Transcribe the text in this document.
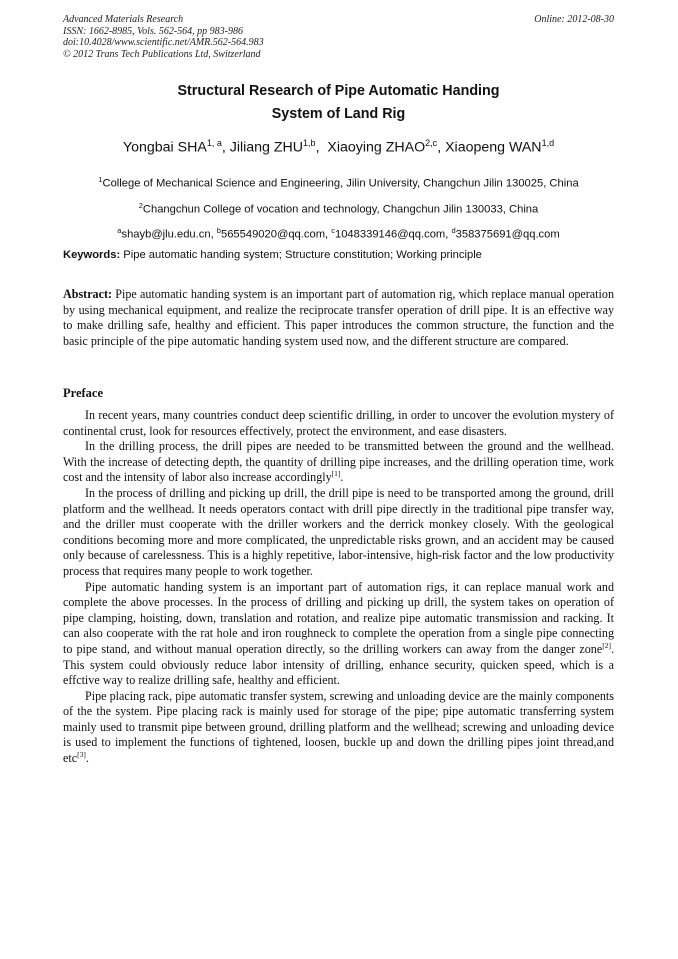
Advanced Materials Research
ISSN: 1662-8985, Vols. 562-564, pp 983-986
doi:10.4028/www.scientific.net/AMR.562-564.983
© 2012 Trans Tech Publications Ltd, Switzerland
Online: 2012-08-30
Structural Research of Pipe Automatic Handing
System of Land Rig
Yongbai SHA$^{1, a}$, Jiliang ZHU$^{1,b}$,  Xiaoying ZHAO$^{2,c}$, Xiaopeng WAN$^{1,d}$
$^1$College of Mechanical Science and Engineering, Jilin University, Changchun Jilin 130025, China
$^2$Changchun College of vocation and technology, Changchun Jilin 130033, China
$^a$shayb@jlu.edu.cn, $^b$565549020@qq.com, $^c$1048339146@qq.com, $^d$358375691@qq.com
Keywords: Pipe automatic handing system; Structure constitution; Working principle

Abstract: Pipe automatic handing system is an important part of automation rig, which replace manual operation by using mechanical equipment, and realize the reciprocate transfer operation of drill pipe. It is an effective way to make drilling safe, healthy and efficient. This paper introduces the common structure, the function and the basic principle of the pipe automatic handing system used now, and the different structure are compared.

Preface

In recent years, many countries conduct deep scientific drilling, in order to uncover the evolution mystery of continental crust, look for resources effectively, protect the environment, and ease disasters.

In the drilling process, the drill pipes are needed to be transmitted between the ground and the wellhead. With the increase of detecting depth, the quantity of drilling pipe increases, and the drilling operation time, work cost and the intensity of labor also increase accordingly[1].

In the process of drilling and picking up drill, the drill pipe is need to be transported among the ground, drill platform and the wellhead. It needs operators contact with drill pipe directly in the traditional pipe transfer way, and the driller must cooperate with the driller workers and the derrick monkey closely. With the geological conditions becoming more and more complicated, the unpredictable risks grown, and an accident may be caused only because of carelessness. This is a highly repetitive, labor-intensive, high-risk factor and the low productivity process that requires many people to work together.

Pipe automatic handing system is an important part of automation rigs, it can replace manual work and complete the above processes. In the process of drilling and picking up drill, the system takes on operation of pipe clamping, hoisting, down, translation and rotation, and realize pipe automatic transmission and racking. It can also cooperate with the rat hole and iron roughneck to complete the operation from a single pipe connecting to pipe stand, and without manual operation directly, so the drilling workers can away from the danger zone[2]. This system could obviously reduce labor intensity of drilling, enhance security, quicken speed, which is a effctive way to realize drilling safe, healthy and efficient.

Pipe placing rack, pipe automatic transfer system, screwing and unloading device are the mainly components of the the system. Pipe placing rack is mainly used for storage of the pipe; pipe automatic transferring system mainly used to transmit pipe between ground, drilling platform and the wellhead; screwing and unloading device is used to implement the functions of tightened, loosen, buckle up and down the drilling pipes joint thread,and etc[3].
